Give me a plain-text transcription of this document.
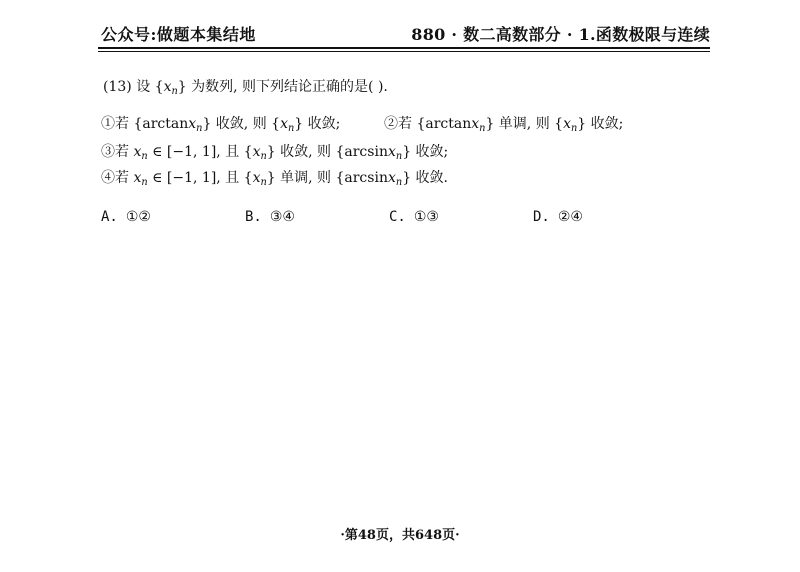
公众号:做题本集结地	880 · 数二高数部分 · 1.函数极限与连续
(13) 设 $\{x_n\}$ 为数列, 则下列结论正确的是( ).
①若 {arctanx$_n$} 收敛, 则 $\{x_n\}$ 收敛;	②若 {arctanx$_n$} 单调, 则 $\{x_n\}$ 收敛;
③若 $x_n$ ∈ [−1, 1], 且 $\{x_n\}$ 收敛, 则 {arcsinx$_n$} 收敛;
④若 $x_n$ ∈ [−1, 1], 且 $\{x_n\}$ 单调, 则 {arcsinx$_n$} 收敛.
A. ①②	B. ③④	C. ①③	D. ②④
·第48页，共648页·
